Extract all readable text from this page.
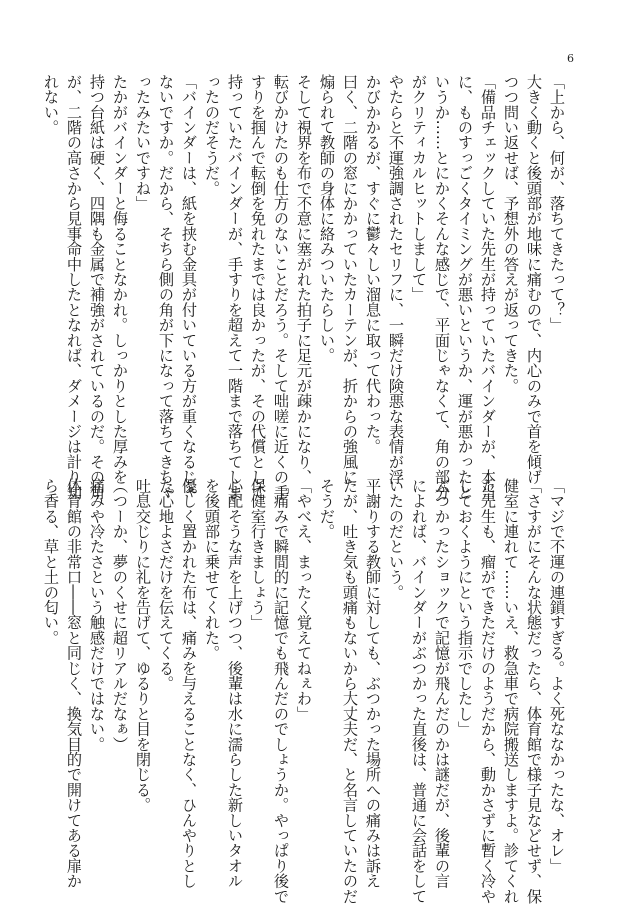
6

「上から、何が、落ちてきたって？」

大きく動くと後頭部が地味に痛むので、内心のみで首を傾げ

つつ問い返せば、予想外の答えが返ってきた。

「備品チェックしていた先生が持っていたバインダーが、本当

に、ものすっごくタイミングが悪いというか、運が悪かったと

いうか……とにかくそんな感じで、平面じゃなくて、角の部分

がクリティカルヒットしまして」

やたらと不運強調されたセリフに、一瞬だけ険悪な表情が浮

かびかかるが、すぐに鬱々しい溜息に取って代わった。

曰く、二階の窓にかかっていたカーテンが、折からの強風に

煽られて教師の身体に絡みついたらしい。

そして視界を布で不意に塞がれた拍子に足元が疎かになり、

転びかけたのも仕方のないことだろう。そして咄嗟に近くの手

すりを掴んで転倒を免れたまでは良かったが、その代償として

持っていたバインダーが、手すりを超えて一階まで落ちてしま

ったのだそうだ。

「バインダーは、紙を挟む金具が付いている方が重くなるじゃ

ないですか。だから、そちら側の角が下になって落ちてきちゃ

ったみたいですね」

たかがバインダーと侮ることなかれ。しっかりとした厚みを

持つ台紙は硬く、四隅も金属で補強がされているのだ。その角

が、二階の高さから見事命中したとなれば、ダメージは計り知

れない。

「マジで不運の連鎖すぎる。よく死ななかったな、オレ」

「さすがにそんな状態だったら、体育館で様子見などせず、保

健室に連れて……いえ、救急車で病院搬送しますよ。診てくれ

た先生も、瘤ができただけのようだから、動かさずに暫く冷や

しておくようにという指示でしたし」

ぶつかったショックで記憶が飛んだのかは謎だが、後輩の言

によれば、バインダーがぶつかった直後は、普通に会話をして

いたのだという。

平謝りする教師に対しても、ぶつかった場所への痛みは訴え

たが、吐き気も頭痛もないから大丈夫だ、と名言していたのだ

そうだ。

「やべえ、まったく覚えてねぇわ」

「痛みで瞬間的に記憶でも飛んだのでしょうか。やっぱり後で

保健室行きましょう」

心配そうな声を上げつつ、後輩は水に濡らした新しいタオル

を後頭部に乗せてくれた。

優しく置かれた布は、痛みを与えることなく、ひんやりとし

た心地よさだけを伝えてくる。

吐息交じりに礼を告げて、ゆるりと目を閉じる。

（つーか、夢のくせに超リアルだなぁ）

痛みや冷たさという触感だけではない。

体育館の非常口――窓と同じく、換気目的で開けてある扉か

ら香る、草と土の匂い。
